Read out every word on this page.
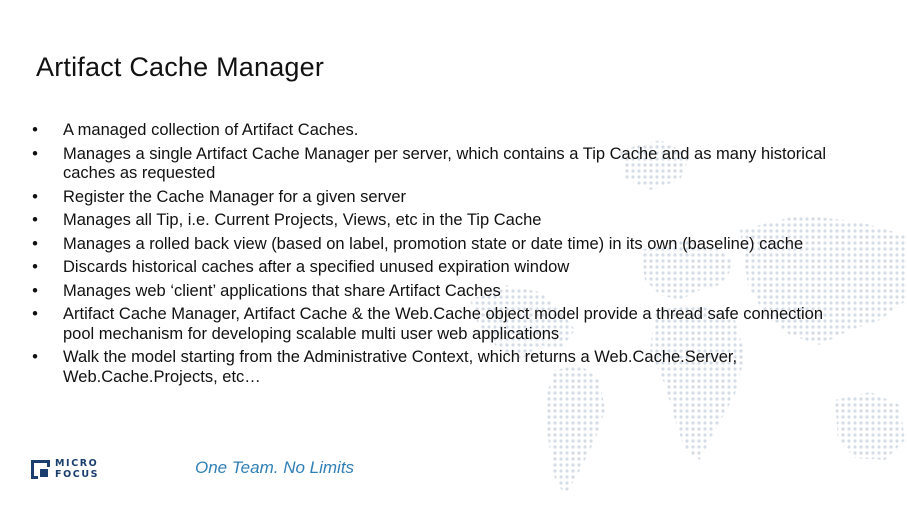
Artifact Cache Manager
• A managed collection of Artifact Caches.
• Manages a single Artifact Cache Manager per server, which contains a Tip Cache and as many historical caches as requested
• Register the Cache Manager for a given server
• Manages all Tip, i.e. Current Projects, Views, etc in the Tip Cache
• Manages a rolled back view (based on label, promotion state or date time) in its own (baseline) cache
• Discards historical caches after a specified unused expiration window
• Manages web ‘client’ applications that share Artifact Caches
• Artifact Cache Manager, Artifact Cache & the Web.Cache object model provide a thread safe connection pool mechanism for developing scalable multi user web applications
• Walk the model starting from the Administrative Context, which returns a Web.Cache.Server, Web.Cache.Projects, etc…
MICRO
FOCUS	One Team. No Limits
